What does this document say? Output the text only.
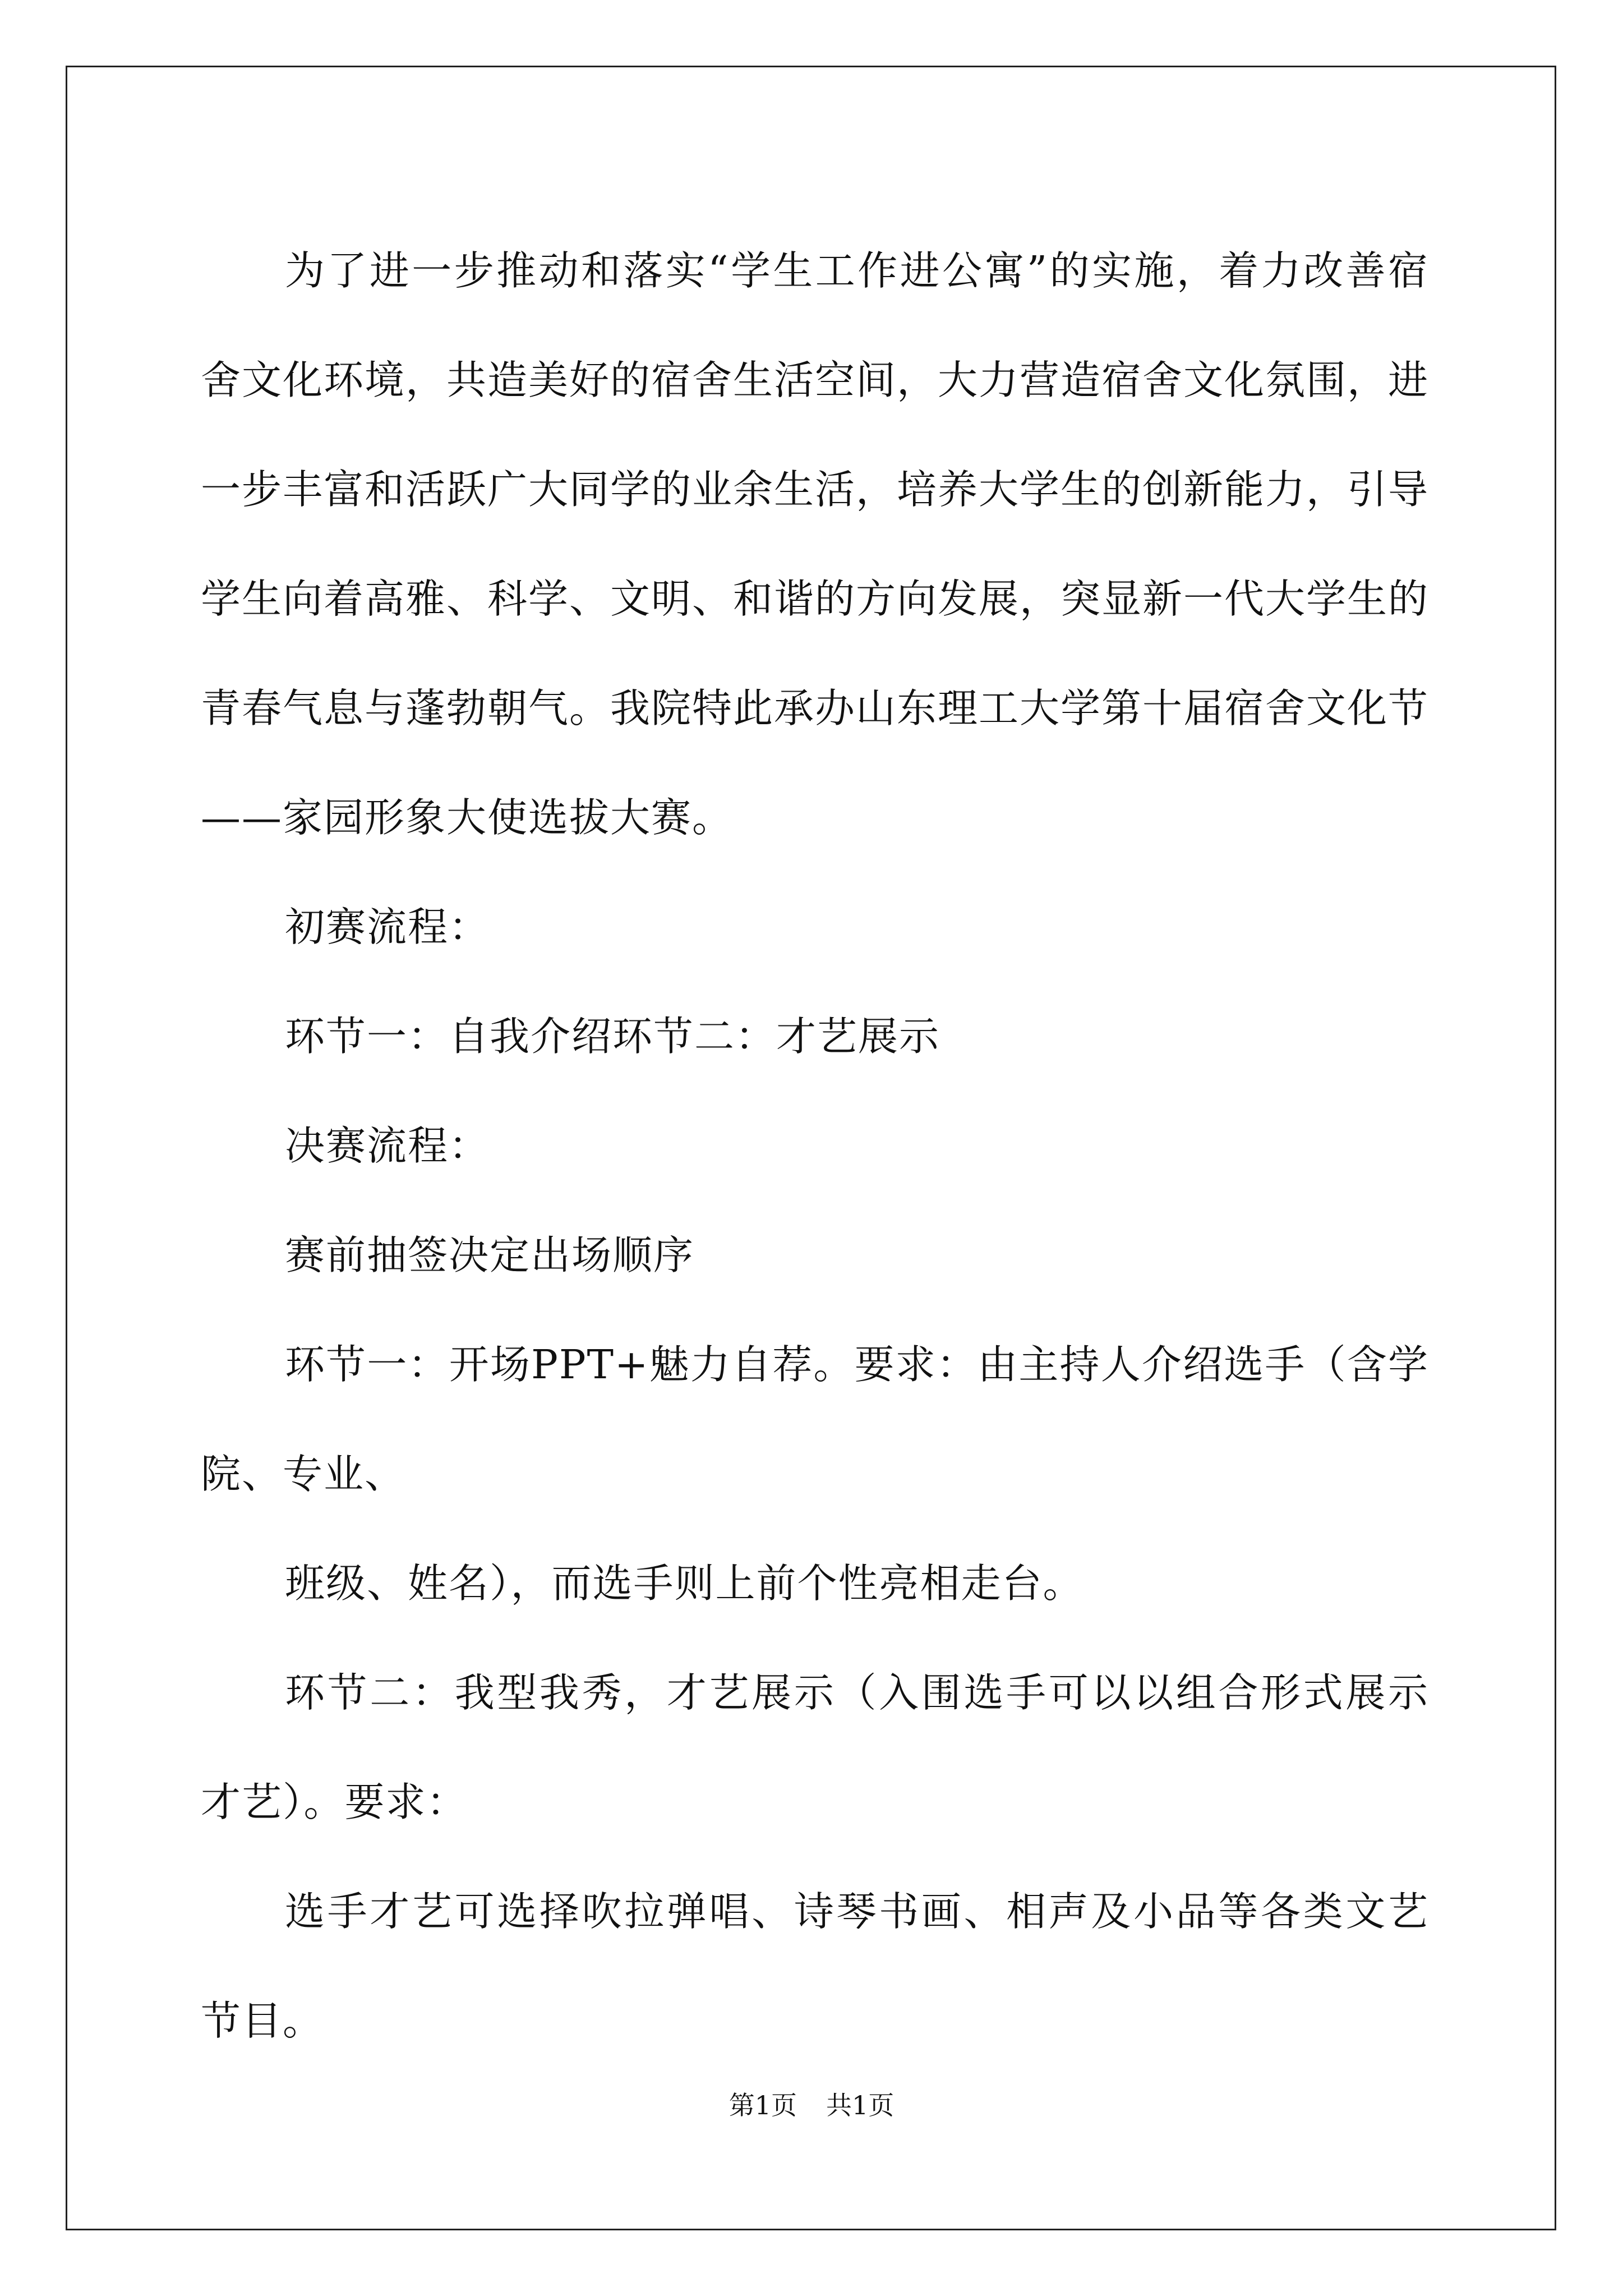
为了进一步推动和落实“学生工作进公寓”的实施，着力改善宿舍文化环境，共造美好的宿舍生活空间，大力营造宿舍文化氛围，进一步丰富和活跃广大同学的业余生活，培养大学生的创新能力，引导学生向着高雅、科学、文明、和谐的方向发展，突显新一代大学生的青春气息与蓬勃朝气。我院特此承办山东理工大学第十届宿舍文化节——家园形象大使选拔大赛。

初赛流程：

环节一：自我介绍环节二：才艺展示

决赛流程：

赛前抽签决定出场顺序

环节一：开场PPT+魅力自荐。要求：由主持人介绍选手（含学院、专业、

班级、姓名），而选手则上前个性亮相走台。

环节二：我型我秀，才艺展示（入围选手可以以组合形式展示才艺）。要求：

选手才艺可选择吹拉弹唱、诗琴书画、相声及小品等各类文艺节目。

第1页 共1页
